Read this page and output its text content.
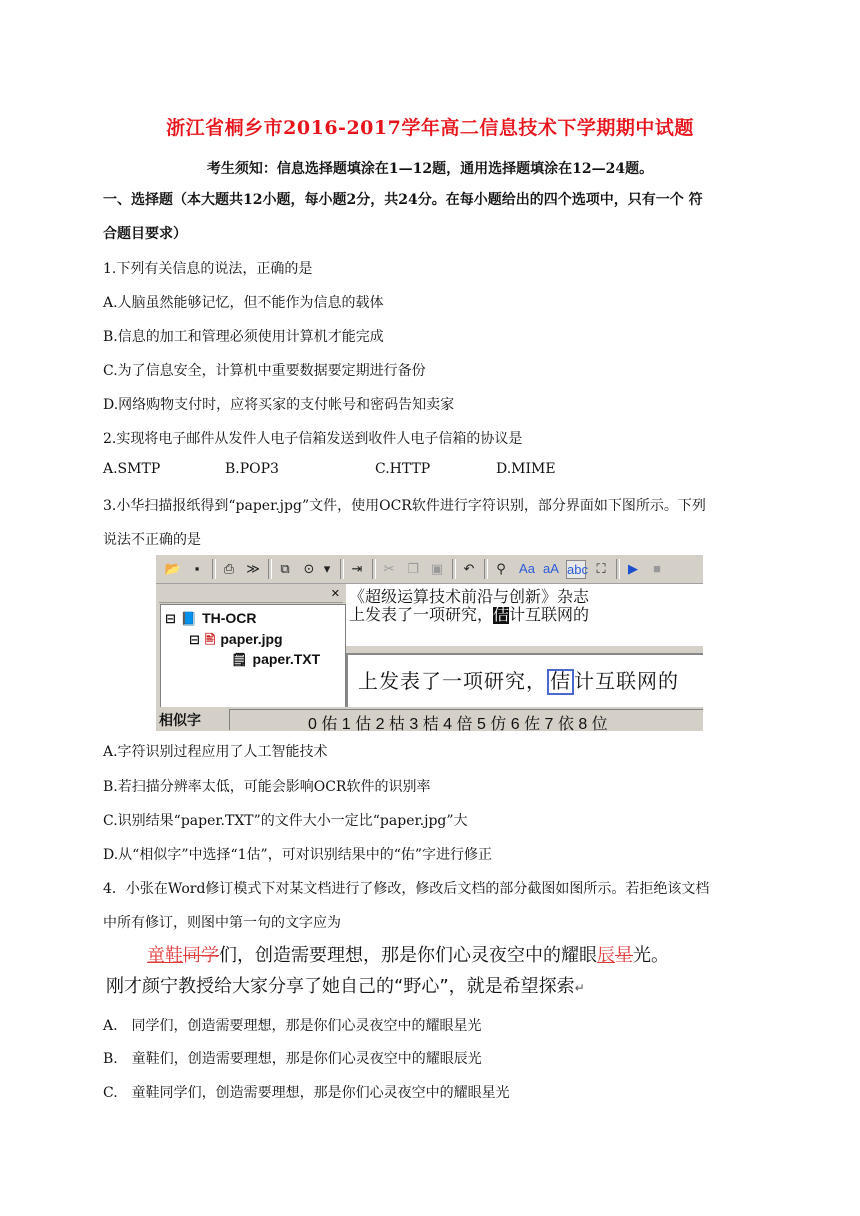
浙江省桐乡市2016-2017学年高二信息技术下学期期中试题
考生须知：信息选择题填涂在1—12题，通用选择题填涂在12—24题。
一、选择题（本大题共12小题，每小题2分，共24分。在每小题给出的四个选项中，只有一个 符
合题目要求）
1.下列有关信息的说法，正确的是
A.人脑虽然能够记忆，但不能作为信息的载体
B.信息的加工和管理必须使用计算机才能完成
C.为了信息安全，计算机中重要数据要定期进行备份
D.网络购物支付时，应将买家的支付帐号和密码告知卖家
2.实现将电子邮件从发件人电子信箱发送到收件人电子信箱的协议是
A.SMTP	B.POP3	C.HTTP	D.MIME
3.小华扫描报纸得到“paper.jpg”文件，使用OCR软件进行字符识别，部分界面如下图所示。下列
说法不正确的是
📂	▪	⎙ ≫	⧉	⊙ ▾	⇥ ✂ ❐ ▣ ↶	⚲	Aa aA abc ⛶	▶	■
✕
⊟ 📘 TH-OCR
⊟ 🖹 paper.jpg
🗒 paper.TXT
《超级运算技术前沿与创新》杂志
上发表了一项研究，佶计互联网的
上发表了一项研究， 佶 计互联网的
相似字	0 佑 1 估 2 枯 3 桔 4 倍 5 仿 6 佐 7 依 8 位
A.字符识别过程应用了人工智能技术
B.若扫描分辨率太低，可能会影响OCR软件的识别率
C.识别结果“paper.TXT”的文件大小一定比“paper.jpg”大
D.从“相似字”中选择“1估”，可对识别结果中的“佑”字进行修正
4．小张在Word修订模式下对某文档进行了修改，修改后文档的部分截图如图所示。若拒绝该文档
中所有修订，则图中第一句的文字应为
童鞋同学们，创造需要理想，那是你们心灵夜空中的耀眼辰星光。
刚才颜宁教授给大家分享了她自己的“野心”，就是希望探索↵
A.　同学们，创造需要理想，那是你们心灵夜空中的耀眼星光
B.　童鞋们，创造需要理想，那是你们心灵夜空中的耀眼辰光
C.　童鞋同学们，创造需要理想，那是你们心灵夜空中的耀眼星光
